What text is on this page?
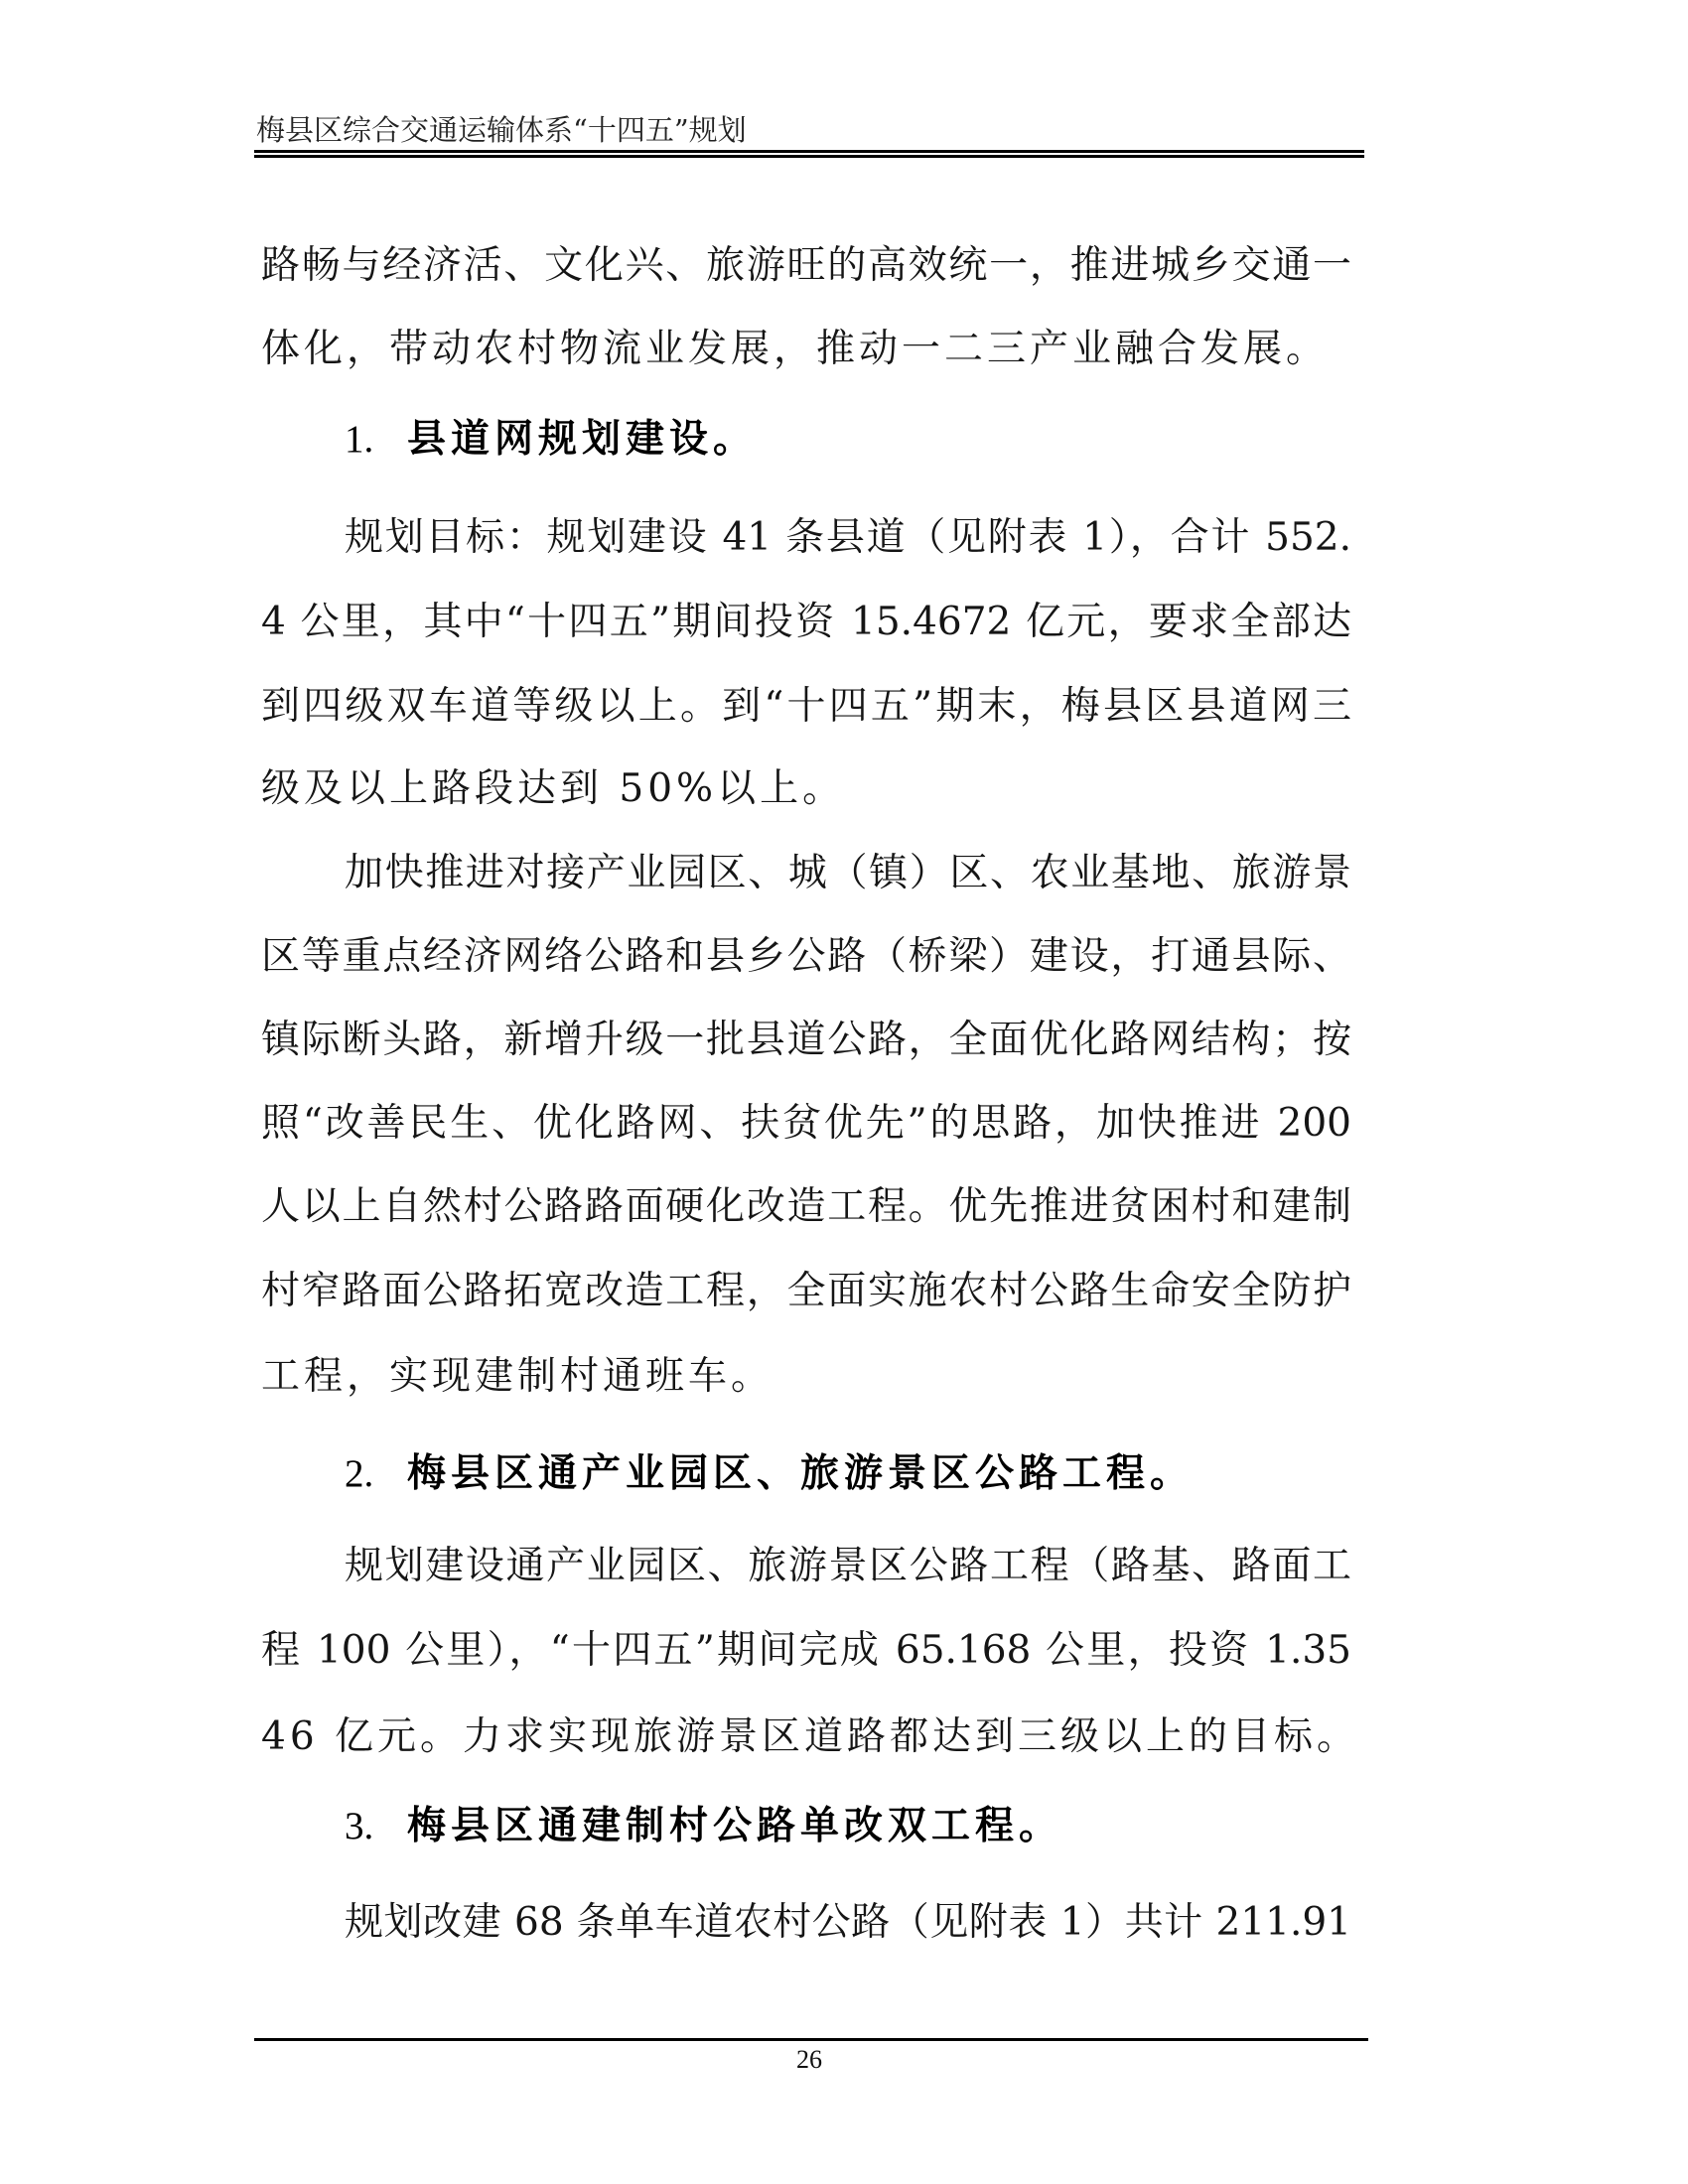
梅县区综合交通运输体系“十四五”规划
路畅与经济活、文化兴、旅游旺的高效统一，推进城乡交通一
体化，带动农村物流业发展，推动一二三产业融合发展。
1. 县道网规划建设。
规划目标：规划建设 41 条县道（见附表 1），合计 552.
4 公里，其中“十四五”期间投资 15.4672 亿元，要求全部达
到四级双车道等级以上。到“十四五”期末，梅县区县道网三
级及以上路段达到 50%以上。
加快推进对接产业园区、城（镇）区、农业基地、旅游景
区等重点经济网络公路和县乡公路（桥梁）建设，打通县际、
镇际断头路，新增升级一批县道公路，全面优化路网结构；按
照“改善民生、优化路网、扶贫优先”的思路，加快推进 200
人以上自然村公路路面硬化改造工程。优先推进贫困村和建制
村窄路面公路拓宽改造工程，全面实施农村公路生命安全防护
工程，实现建制村通班车。
2. 梅县区通产业园区、旅游景区公路工程。
规划建设通产业园区、旅游景区公路工程（路基、路面工
程 100 公里），“十四五”期间完成 65.168 公里，投资 1.35
46 亿元。力求实现旅游景区道路都达到三级以上的目标。
3. 梅县区通建制村公路单改双工程。
规划改建 68 条单车道农村公路（见附表 1）共计 211.91
26
